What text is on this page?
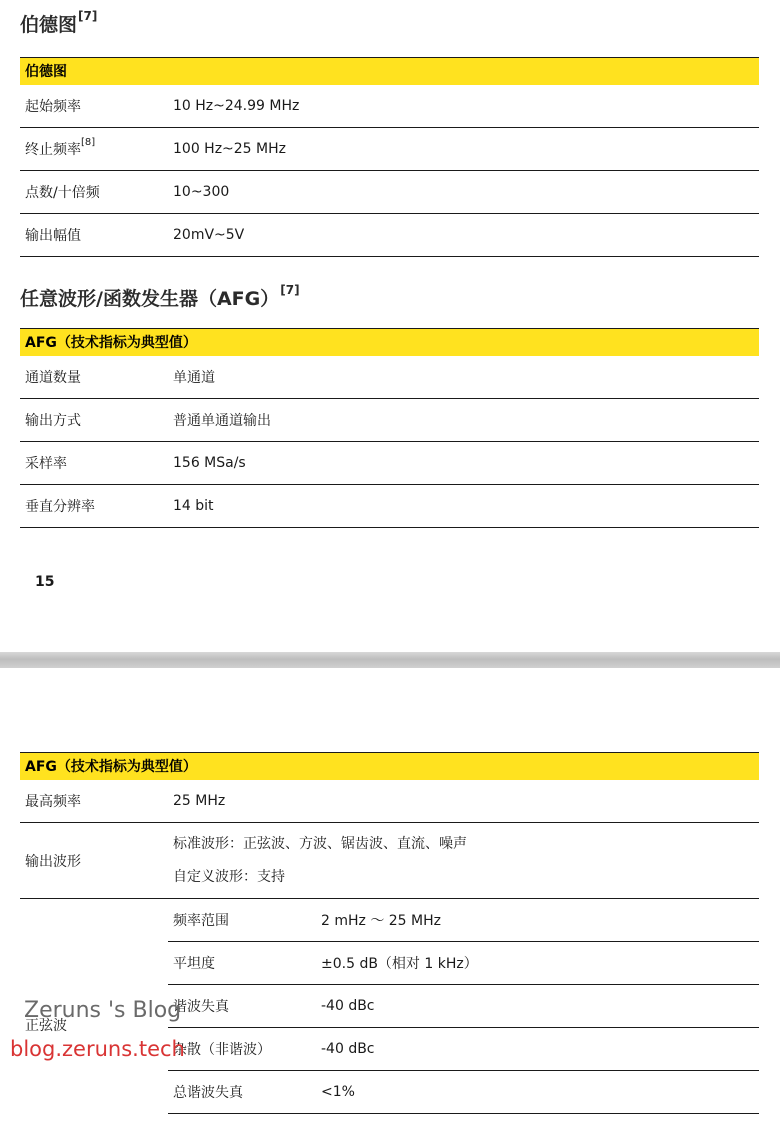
伯德图[7]
伯德图	
起始频率	10 Hz~24.99 MHz
终止频率[8]	100 Hz~25 MHz
点数/十倍频	10~300
输出幅值	20mV~5V
任意波形/函数发生器（AFG）[7]
AFG（技术指标为典型值）	
通道数量	单通道
输出方式	普通单通道输出
采样率	156 MSa/s
垂直分辨率	14 bit
15
AFG（技术指标为典型值）		
最高频率	25 MHz	
输出波形	标准波形：正弦波、方波、锯齿波、直流、噪声
自定义波形：支持	

正弦波	频率范围	2 mHz ～ 25 MHz
	平坦度	±0.5 dB（相对 1 kHz）
	谐波失真	-40 dBc
	杂散（非谐波）	-40 dBc
	总谐波失真	<1%
Zeruns 's Blog
blog.zeruns.tech
